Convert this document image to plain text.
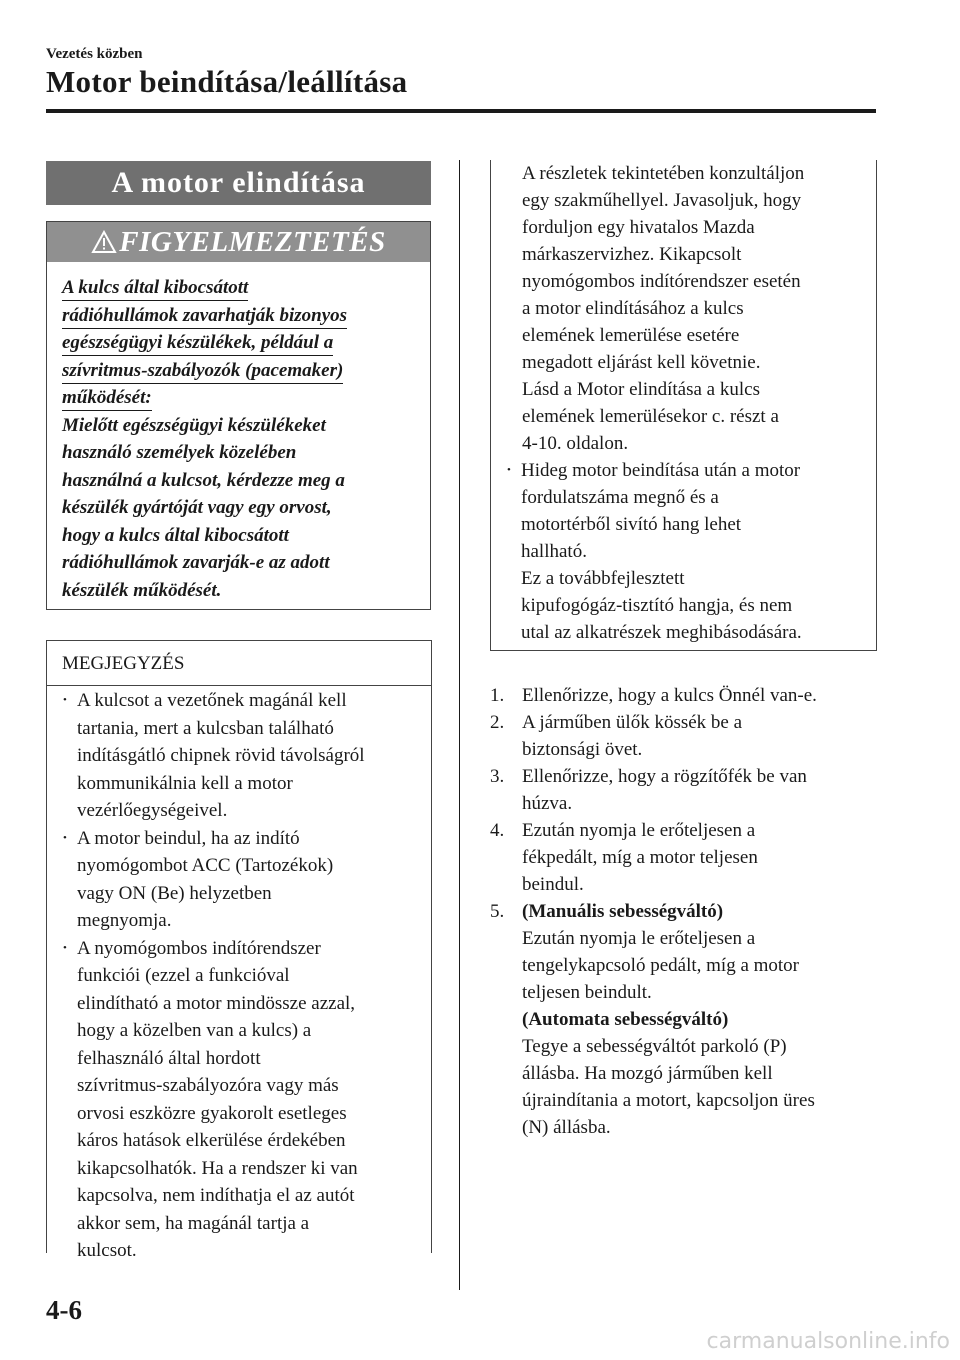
Vezetés közben
Motor beindítása/leállítása
A motor elindítása
FIGYELMEZTETÉS
A kulcs által kibocsátott
rádióhullámok zavarhatják bizonyos
egészségügyi készülékek, például a
szívritmus-szabályozók (pacemaker)
működését:
Mielőtt egészségügyi készülékeket
használó személyek közelében
használná a kulcsot, kérdezze meg a
készülék gyártóját vagy egy orvost,
hogy a kulcs által kibocsátott
rádióhullámok zavarják-e az adott
készülék működését.
MEGJEGYZÉS
• A kulcsot a vezetőnek magánál kell
tartania, mert a kulcsban található
indításgátló chipnek rövid távolságról
kommunikálnia kell a motor
vezérlőegységeivel.
• A motor beindul, ha az indító
nyomógombot ACC (Tartozékok)
vagy ON (Be) helyzetben
megnyomja.
• A nyomógombos indítórendszer
funkciói (ezzel a funkcióval
elindítható a motor mindössze azzal,
hogy a közelben van a kulcs) a
felhasználó által hordott
szívritmus-szabályozóra vagy más
orvosi eszközre gyakorolt esetleges
káros hatások elkerülése érdekében
kikapcsolhatók. Ha a rendszer ki van
kapcsolva, nem indíthatja el az autót
akkor sem, ha magánál tartja a
kulcsot.
A részletek tekintetében konzultáljon
egy szakműhellyel. Javasoljuk, hogy
forduljon egy hivatalos Mazda
márkaszervizhez. Kikapcsolt
nyomógombos indítórendszer esetén
a motor elindításához a kulcs
elemének lemerülése esetére
megadott eljárást kell követnie.
Lásd a Motor elindítása a kulcs
elemének lemerülésekor c. részt a
4-10. oldalon.
• Hideg motor beindítása után a motor
fordulatszáma megnő és a
motortérből sivító hang lehet
hallható.
Ez a továbbfejlesztett
kipufogógáz-tisztító hangja, és nem
utal az alkatrészek meghibásodására.
1. Ellenőrizze, hogy a kulcs Önnél van-e.
2. A járműben ülők kössék be a
biztonsági övet.
3. Ellenőrizze, hogy a rögzítőfék be van
húzva.
4. Ezután nyomja le erőteljesen a
fékpedált, míg a motor teljesen
beindul.
5. (Manuális sebességváltó)
Ezután nyomja le erőteljesen a
tengelykapcsoló pedált, míg a motor
teljesen beindult.
(Automata sebességváltó)
Tegye a sebességváltót parkoló (P)
állásba. Ha mozgó járműben kell
újraindítania a motort, kapcsoljon üres
(N) állásba.
4-6
carmanualsonline.info
